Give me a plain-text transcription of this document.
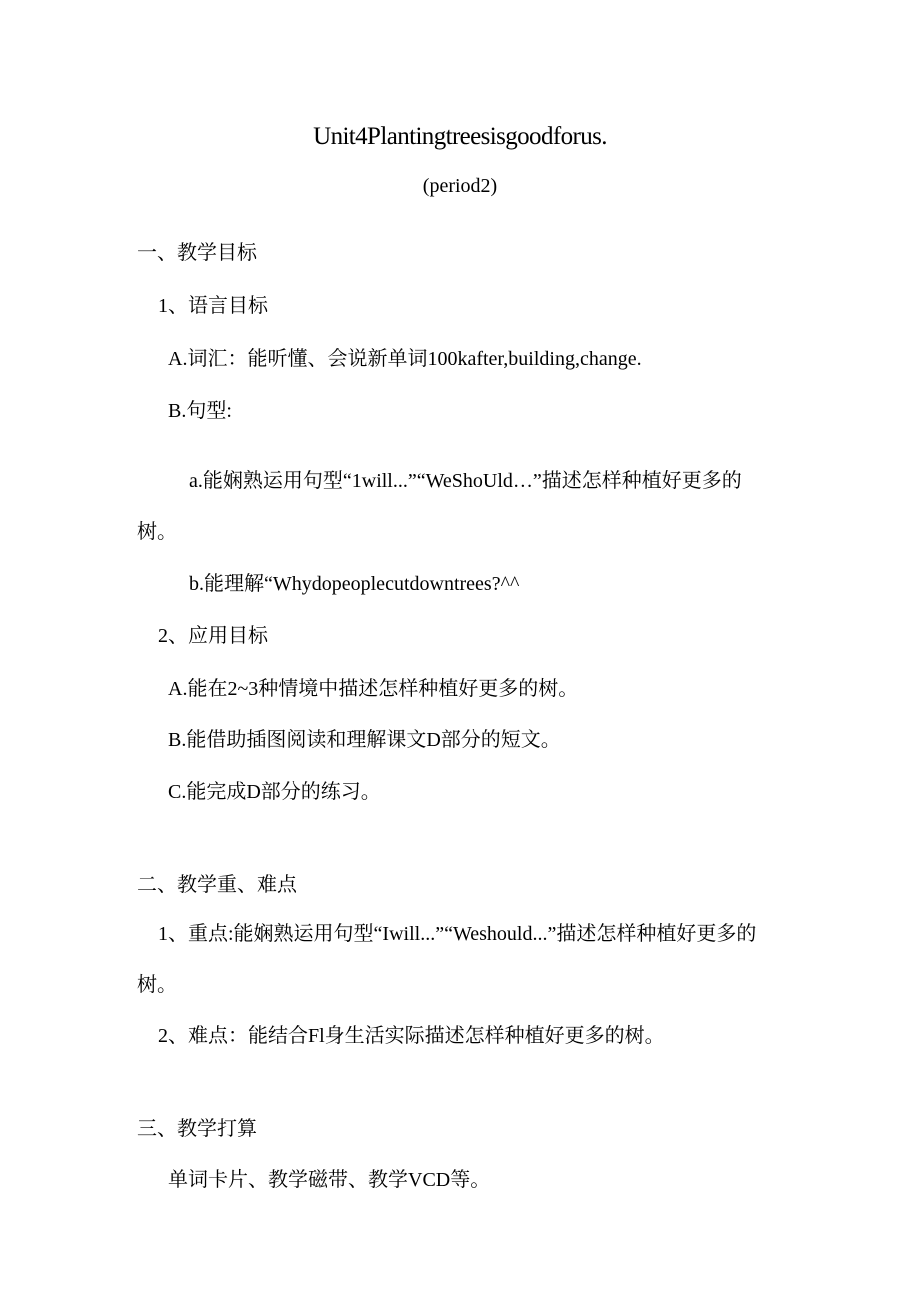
Unit4Plantingtreesisgoodforus.
(period2)
一、教学目标
1、语言目标
A.词汇：能听懂、会说新单词100kafter,building,change.
B.句型:
a.能娴熟运用句型“1will...”“WeShoUld…”描述怎样种植好更多的
树。
b.能理解“Whydopeoplecutdowntrees?^^
2、应用目标
A.能在2~3种情境中描述怎样种植好更多的树。
B.能借助插图阅读和理解课文D部分的短文。
C.能完成D部分的练习。
二、教学重、难点
1、重点:能娴熟运用句型“Iwill...”“Weshould...”描述怎样种植好更多的
树。
2、难点：能结合Fl身生活实际描述怎样种植好更多的树。
三、教学打算
单词卡片、教学磁带、教学VCD等。
